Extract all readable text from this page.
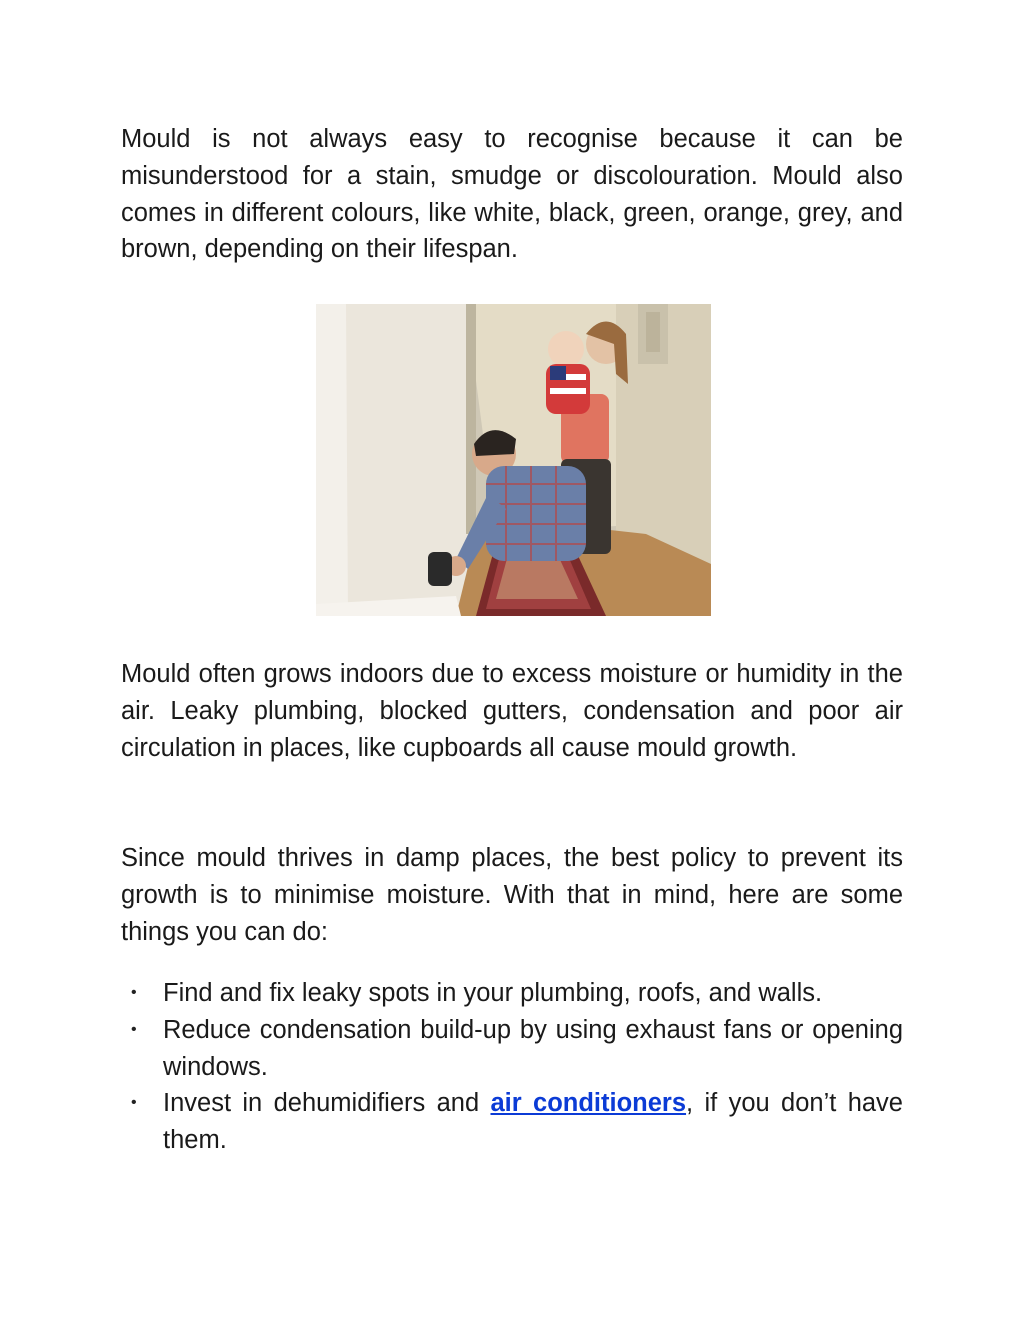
Mould is not always easy to recognise because it can be misunderstood for a stain, smudge or discolouration. Mould also comes in different colours, like white, black, green, orange, grey, and brown, depending on their lifespan.

Mould often grows indoors due to excess moisture or humidity in the air. Leaky plumbing, blocked gutters, condensation and poor air circulation in places, like cupboards all cause mould growth.

Since mould thrives in damp places, the best policy to prevent its growth is to minimise moisture. With that in mind, here are some things you can do:

• Find and fix leaky spots in your plumbing, roofs, and walls.
• Reduce condensation build-up by using exhaust fans or opening windows.
• Invest in dehumidifiers and air conditioners, if you don’t have them.
